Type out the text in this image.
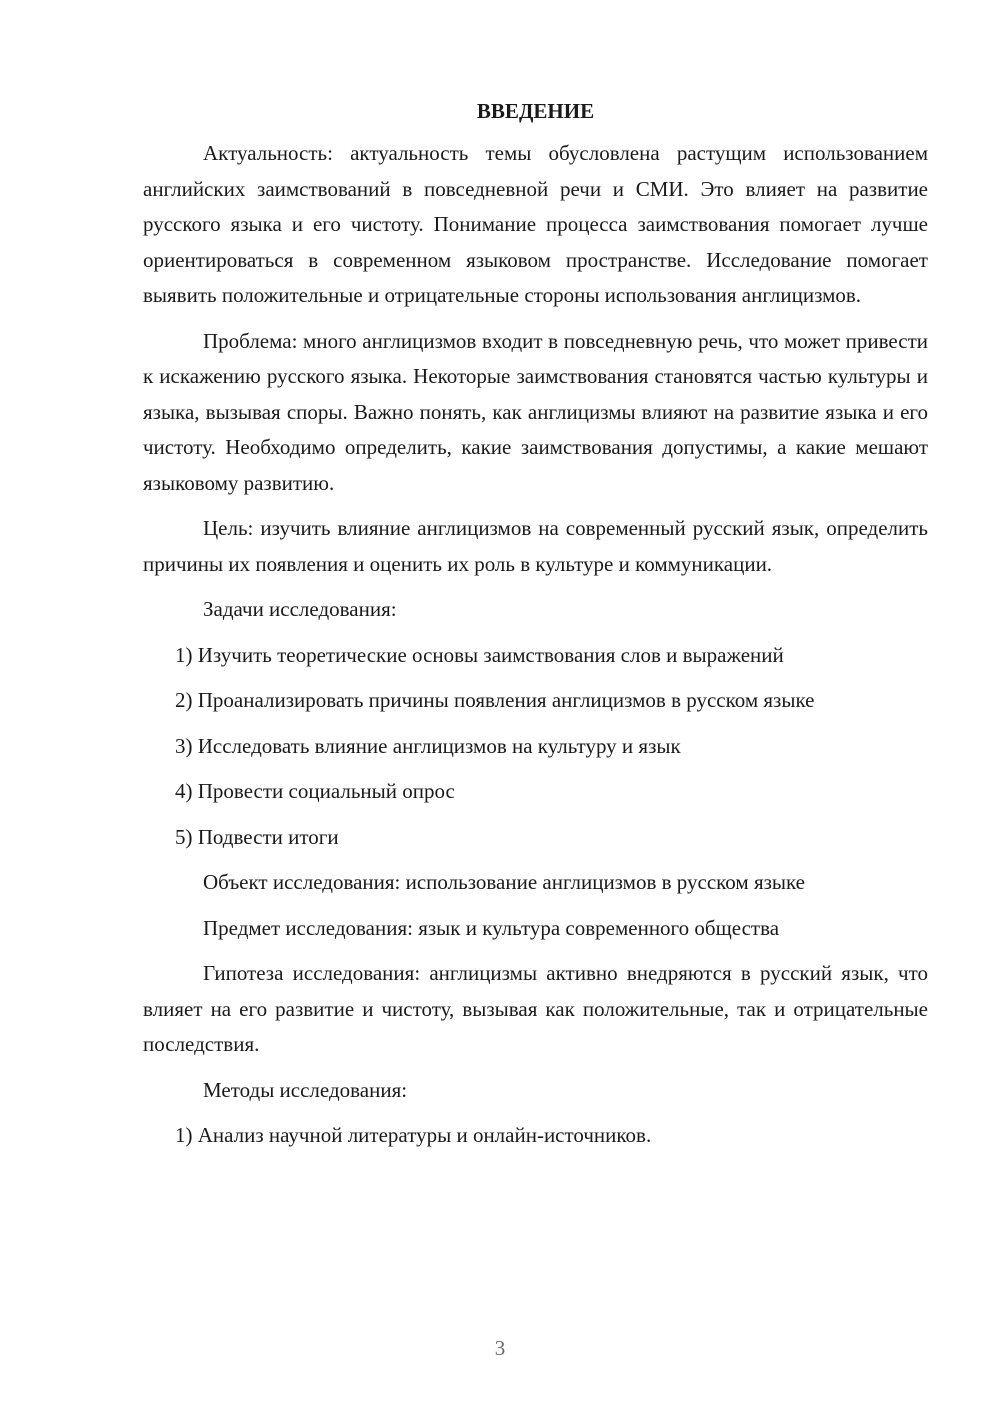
ВВЕДЕНИЕ

Актуальность: актуальность темы обусловлена растущим использованием английских заимствований в повседневной речи и СМИ. Это влияет на развитие русского языка и его чистоту. Понимание процесса заимствования помогает лучше ориентироваться в современном языковом пространстве. Исследование помогает выявить положительные и отрицательные стороны использования англицизмов.

Проблема: много англицизмов входит в повседневную речь, что может привести к искажению русского языка. Некоторые заимствования становятся частью культуры и языка, вызывая споры. Важно понять, как англицизмы влияют на развитие языка и его чистоту. Необходимо определить, какие заимствования допустимы, а какие мешают языковому развитию.

Цель: изучить влияние англицизмов на современный русский язык, определить причины их появления и оценить их роль в культуре и коммуникации.

Задачи исследования:

1) Изучить теоретические основы заимствования слов и выражений

2) Проанализировать причины появления англицизмов в русском языке

3) Исследовать влияние англицизмов на культуру и язык

4) Провести социальный опрос

5) Подвести итоги

Объект исследования: использование англицизмов в русском языке

Предмет исследования: язык и культура современного общества

Гипотеза исследования: англицизмы активно внедряются в русский язык, что влияет на его развитие и чистоту, вызывая как положительные, так и отрицательные последствия.

Методы исследования:

1) Анализ научной литературы и онлайн-источников.

3
